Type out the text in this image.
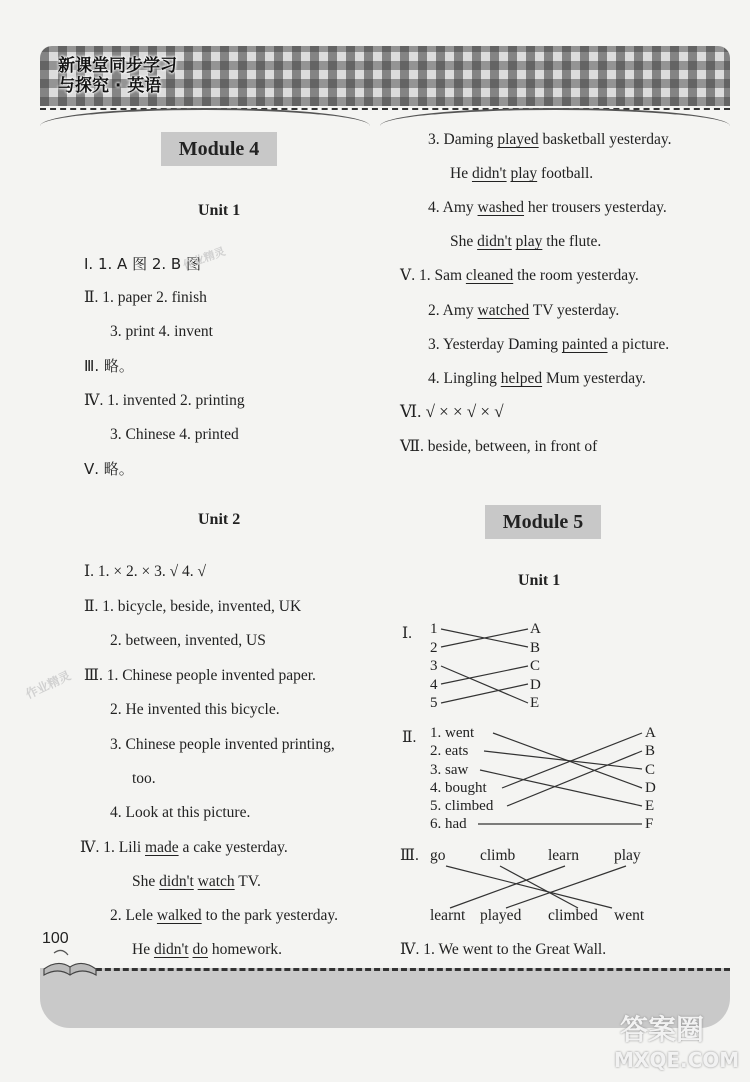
新课堂同步学习
与探究 · 英语
Module 4
Unit 1
Ⅰ. 1. A 图 2. B 图
Ⅱ. 1. paper 2. finish
3. print 4. invent
Ⅲ. 略。
Ⅳ. 1. invented 2. printing
3. Chinese 4. printed
Ⅴ. 略。
Unit 2
Ⅰ. 1. × 2. × 3. √ 4. √
Ⅱ. 1. bicycle, beside, invented, UK
2. between, invented, US
Ⅲ. 1. Chinese people invented paper.
2. He invented this bicycle.
3. Chinese people invented printing,
too.
4. Look at this picture.
Ⅳ. 1. Lili made a cake yesterday.
She didn't watch TV.
2. Lele walked to the park yesterday.
He didn't do homework.
3. Daming played basketball yesterday.
He didn't play football.
4. Amy washed her trousers yesterday.
She didn't play the flute.
Ⅴ. 1. Sam cleaned the room yesterday.
2. Amy watched TV yesterday.
3. Yesterday Daming painted a picture.
4. Lingling helped Mum yesterday.
Ⅵ. √ × × √ × √
Ⅶ. beside, between, in front of
Module 5
Unit 1
Ⅰ. 1
2
3
4
5
A
B
C
D
E
Ⅱ. 1. went
2. eats
3. saw
4. bought
5. climbed
6. had
A
B
C
D
E
F
Ⅲ. go climb learn play
learnt played climbed went
Ⅳ. 1. We went to the Great Wall.
100
作业精灵
作业精灵
答案圈
MXQE.COM
